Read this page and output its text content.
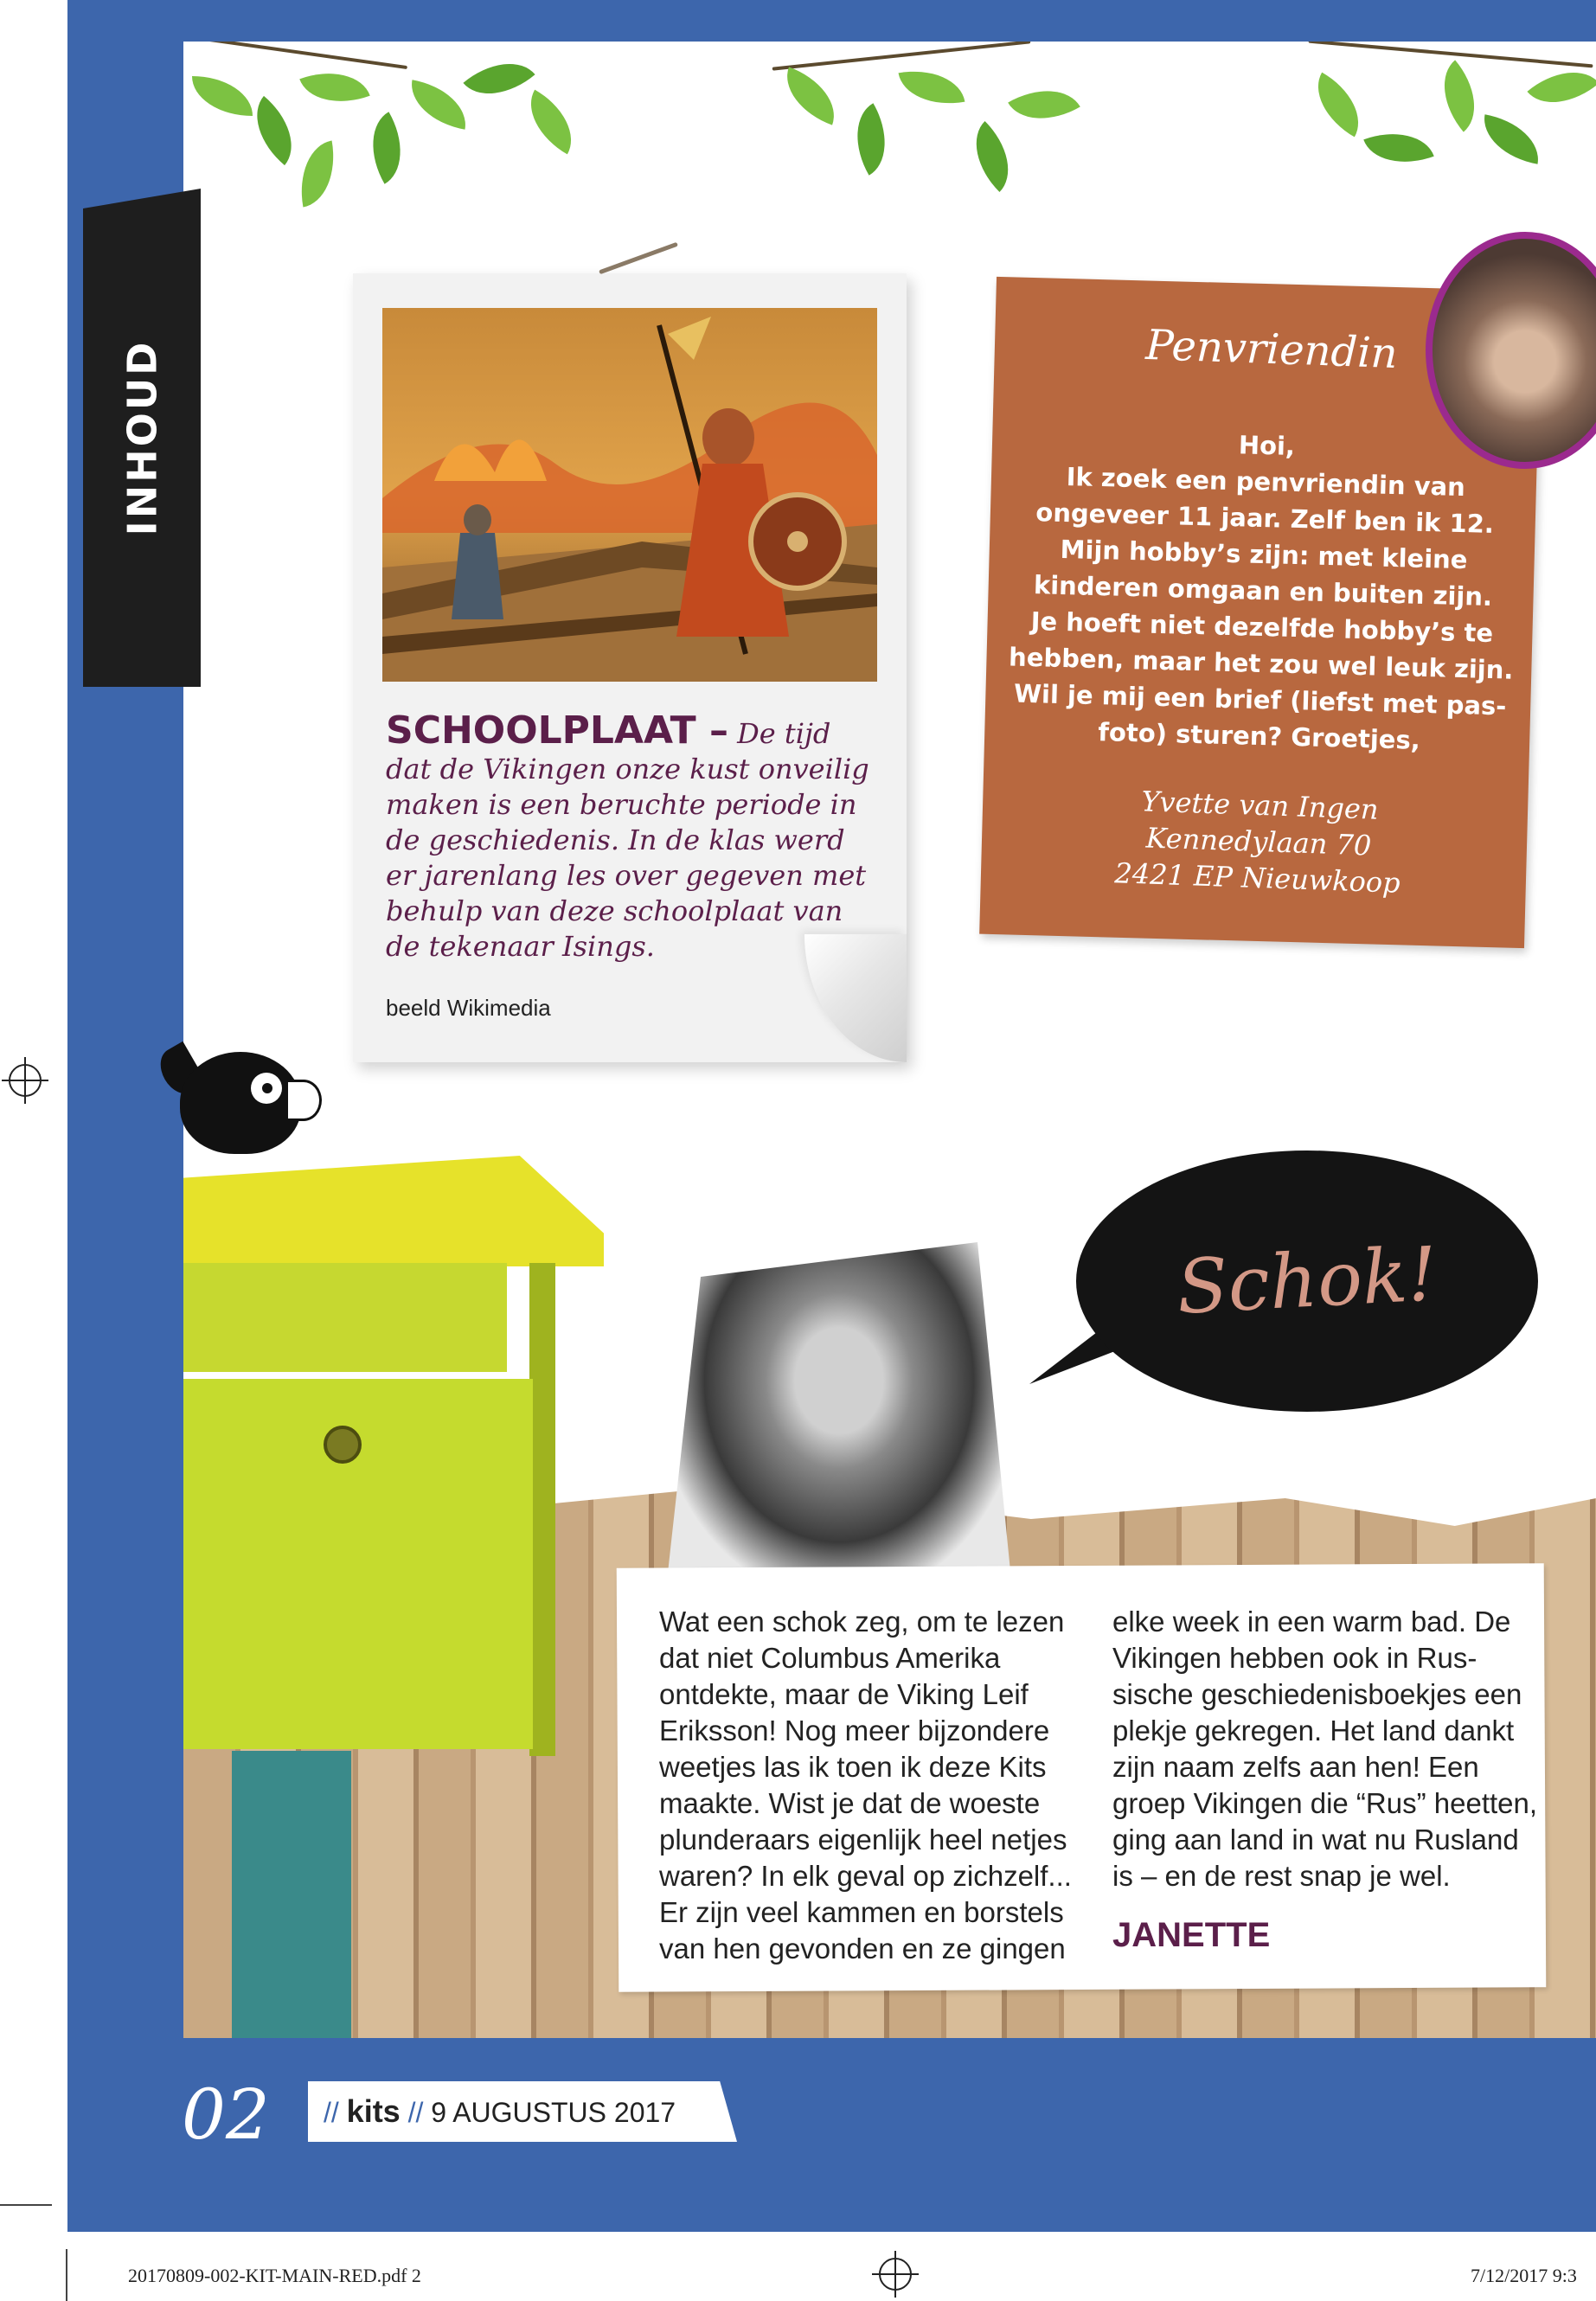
INHOUD
SCHOOLPLAAT – De tijd dat de Vikingen onze kust onveilig maken is een beruchte periode in de geschiedenis. In de klas werd er jarenlang les over gegeven met behulp van deze schoolplaat van de tekenaar Isings.
beeld Wikimedia
Penvriendin
Hoi,
Ik zoek een penvriendin van
ongeveer 11 jaar. Zelf ben ik 12.
Mijn hobby’s zijn: met kleine
kinderen omgaan en buiten zijn.
Je hoeft niet dezelfde hobby’s te
hebben, maar het zou wel leuk zijn.
Wil je mij een brief (liefst met pas-
foto) sturen? Groetjes,
Yvette van Ingen
Kennedylaan 70
2421 EP Nieuwkoop
Schok!
Wat een schok zeg, om te lezen dat niet Columbus Amerika ontdekte, maar de Viking Leif Eriksson! Nog meer bijzondere weetjes las ik toen ik deze Kits maakte. Wist je dat de woeste plunderaars eigenlijk heel netjes waren? In elk geval op zichzelf... Er zijn veel kammen en borstels van hen gevonden en ze gingen
elke week in een warm bad. De Vikingen hebben ook in Rus-sische geschiedenisboekjes een plekje gekregen. Het land dankt zijn naam zelfs aan hen! Een groep Vikingen die “Rus” heetten, ging aan land in wat nu Rusland is – en de rest snap je wel.
JANETTE
02 // kits // 9 AUGUSTUS 2017
20170809-002-KIT-MAIN-RED.pdf 2	7/12/2017 9:3
